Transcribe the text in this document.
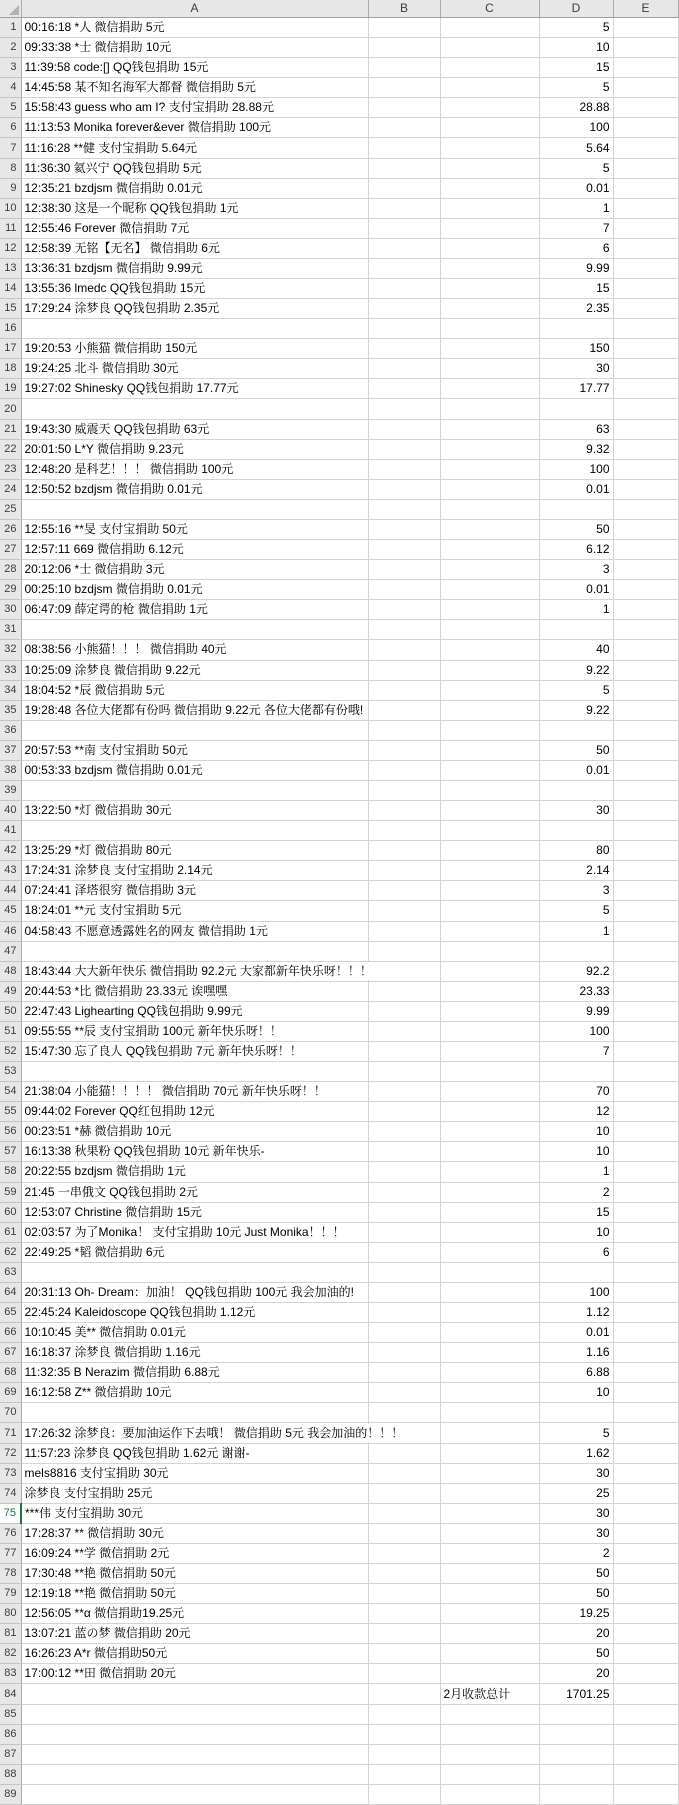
	A	B	C	D	E
1	00:16:18 *人 微信捐助 5元			5	
2	09:33:38 *士 微信捐助 10元			10	
3	11:39:58 code:[] QQ钱包捐助 15元			15	
4	14:45:58 某不知名海军大都督 微信捐助 5元			5	
5	15:58:43 guess who am I? 支付宝捐助 28.88元			28.88	
6	11:13:53 Monika forever&ever 微信捐助 100元			100	
7	11:16:28 **健 支付宝捐助 5.64元			5.64	
8	11:36:30 氦兴宁 QQ钱包捐助 5元			5	
9	12:35:21 bzdjsm 微信捐助 0.01元			0.01	
10	12:38:30 这是一个昵称 QQ钱包捐助 1元			1	
11	12:55:46 Forever 微信捐助 7元			7	
12	12:58:39 无铭【无名】 微信捐助 6元			6	
13	13:36:31 bzdjsm 微信捐助 9.99元			9.99	
14	13:55:36 lmedc QQ钱包捐助 15元			15	
15	17:29:24 涂梦良 QQ钱包捐助 2.35元			2.35	
16					
17	19:20:53 小熊猫 微信捐助 150元			150	
18	19:24:25 北斗 微信捐助 30元			30	
19	19:27:02 Shinesky QQ钱包捐助 17.77元			17.77	
20					
21	19:43:30 威震天 QQ钱包捐助 63元			63	
22	20:01:50 L*Y 微信捐助 9.23元			9.32	
23	12:48:20 是科艺！！！ 微信捐助 100元			100	
24	12:50:52 bzdjsm 微信捐助 0.01元			0.01	
25					
26	12:55:16 **旻 支付宝捐助 50元			50	
27	12:57:11 669 微信捐助 6.12元			6.12	
28	20:12:06 *士 微信捐助 3元			3	
29	00:25:10 bzdjsm 微信捐助 0.01元			0.01	
30	06:47:09 薛定谔的枪 微信捐助 1元			1	
31					
32	08:38:56 小熊猫！！！ 微信捐助 40元			40	
33	10:25:09 涂梦良 微信捐助 9.22元			9.22	
34	18:04:52 *辰 微信捐助 5元			5	
35	19:28:48 各位大佬都有份吗 微信捐助 9.22元 各位大佬都有份哦!			9.22	
36					
37	20:57:53 **南 支付宝捐助 50元			50	
38	00:53:33 bzdjsm 微信捐助 0.01元			0.01	
39					
40	13:22:50 *灯 微信捐助 30元			30	
41					
42	13:25:29 *灯 微信捐助 80元			80	
43	17:24:31 涂梦良 支付宝捐助 2.14元			2.14	
44	07:24:41 泽塔很穷 微信捐助 3元			3	
45	18:24:01 **元 支付宝捐助 5元			5	
46	04:58:43 不愿意透露姓名的网友 微信捐助 1元			1	
47					
48	18:43:44 大大新年快乐 微信捐助 92.2元 大家都新年快乐呀！！！			92.2	
49	20:44:53 *比 微信捐助 23.33元 诶嘿嘿			23.33	
50	22:47:43 Lighearting QQ钱包捐助 9.99元			9.99	
51	09:55:55 **辰 支付宝捐助 100元 新年快乐呀！！			100	
52	15:47:30 忘了良人 QQ钱包捐助 7元 新年快乐呀！！			7	
53					
54	21:38:04 小能猫！！！！ 微信捐助 70元 新年快乐呀！！			70	
55	09:44:02 Forever QQ红包捐助 12元			12	
56	00:23:51 *赫 微信捐助 10元			10	
57	16:13:38 秋果粉 QQ钱包捐助 10元 新年快乐-			10	
58	20:22:55 bzdjsm 微信捐助 1元			1	
59	21:45 一串俄文 QQ钱包捐助 2元			2	
60	12:53:07 Christine 微信捐助 15元			15	
61	02:03:57 为了Monika！ 支付宝捐助 10元 Just Monika！！！			10	
62	22:49:25 *韬 微信捐助 6元			6	
63					
64	20:31:13 Oh- Dream：加油！ QQ钱包捐助 100元 我会加油的!			100	
65	22:45:24 Kaleidoscope QQ钱包捐助 1.12元			1.12	
66	10:10:45 美** 微信捐助 0.01元			0.01	
67	16:18:37 涂梦良 微信捐助 1.16元			1.16	
68	11:32:35 B Nerazim 微信捐助 6.88元			6.88	
69	16:12:58 Z** 微信捐助 10元			10	
70					
71	17:26:32 涂梦良：要加油运作下去哦！ 微信捐助 5元 我会加油的！！！			5	
72	11:57:23 涂梦良 QQ钱包捐助 1.62元 谢谢-			1.62	
73	mels8816 支付宝捐助 30元			30	
74	涂梦良 支付宝捐助 25元			25	
75	***伟 支付宝捐助 30元			30	
76	17:28:37 ** 微信捐助 30元			30	
77	16:09:24 **学 微信捐助 2元			2	
78	17:30:48 **艳 微信捐助 50元			50	
79	12:19:18 **艳 微信捐助 50元			50	
80	12:56:05 **α 微信捐助19.25元			19.25	
81	13:07:21 蓝の梦 微信捐助 20元			20	
82	16:26:23 A*r 微信捐助50元			50	
83	17:00:12 **田 微信捐助 20元			20	
84			2月收款总计	1701.25	
85					
86					
87					
88					
89					
